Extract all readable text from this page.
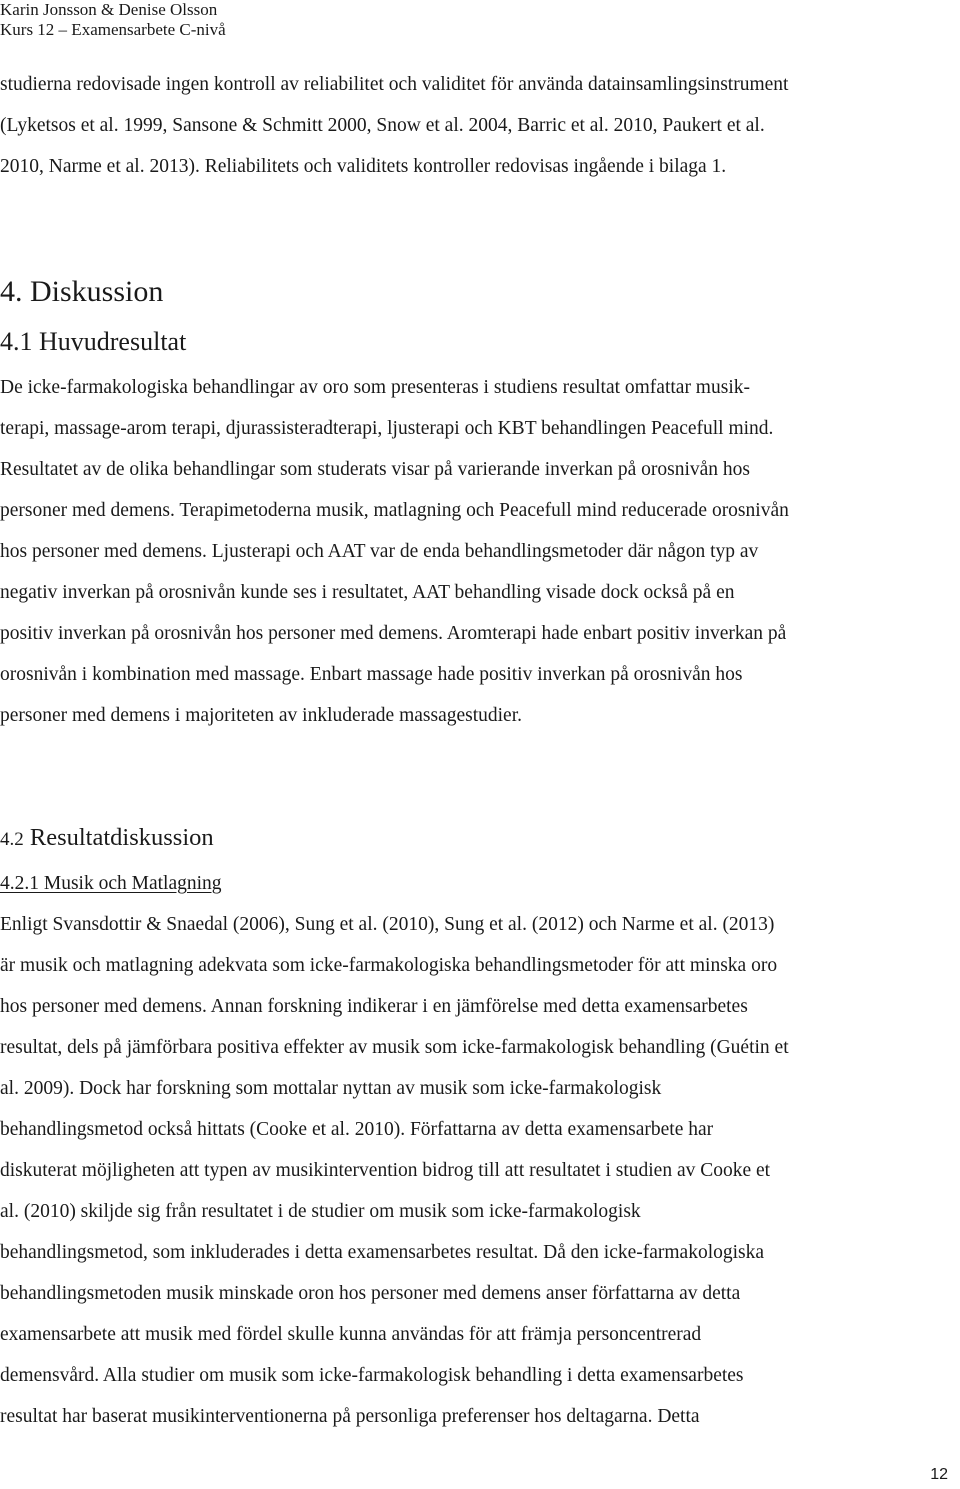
Karin Jonsson & Denise Olsson
Kurs 12 – Examensarbete C-nivå
studierna redovisade ingen kontroll av reliabilitet och validitet för använda datainsamlingsinstrument
(Lyketsos et al. 1999, Sansone & Schmitt 2000, Snow et al. 2004, Barric et al. 2010, Paukert et al.
2010, Narme et al. 2013). Reliabilitets och validitets kontroller redovisas ingående i bilaga 1.
4. Diskussion
4.1 Huvudresultat
De icke-farmakologiska behandlingar av oro som presenteras i studiens resultat omfattar musik-
terapi, massage-arom terapi, djurassisteradterapi, ljusterapi och KBT behandlingen Peacefull mind.
Resultatet av de olika behandlingar som studerats visar på varierande inverkan på orosnivån hos
personer med demens. Terapimetoderna musik, matlagning och Peacefull mind reducerade orosnivån
hos personer med demens. Ljusterapi och AAT var de enda behandlingsmetoder där någon typ av
negativ inverkan på orosnivån kunde ses i resultatet, AAT behandling visade dock också på en
positiv inverkan på orosnivån hos personer med demens. Aromterapi hade enbart positiv inverkan på
orosnivån i kombination med massage. Enbart massage hade positiv inverkan på orosnivån hos
personer med demens i majoriteten av inkluderade massagestudier.
4.2 Resultatdiskussion
4.2.1 Musik och Matlagning
Enligt Svansdottir & Snaedal (2006), Sung et al. (2010), Sung et al. (2012) och Narme et al. (2013)
är musik och matlagning adekvata som icke-farmakologiska behandlingsmetoder för att minska oro
hos personer med demens. Annan forskning indikerar i en jämförelse med detta examensarbetes
resultat, dels på jämförbara positiva effekter av musik som icke-farmakologisk behandling (Guétin et
al. 2009). Dock har forskning som mottalar nyttan av musik som icke-farmakologisk
behandlingsmetod också hittats (Cooke et al. 2010). Författarna av detta examensarbete har
diskuterat möjligheten att typen av musikintervention bidrog till att resultatet i studien av Cooke et
al. (2010) skiljde sig från resultatet i de studier om musik som icke-farmakologisk
behandlingsmetod, som inkluderades i detta examensarbetes resultat. Då den icke-farmakologiska
behandlingsmetoden musik minskade oron hos personer med demens anser författarna av detta
examensarbete att musik med fördel skulle kunna användas för att främja personcentrerad
demensvård. Alla studier om musik som icke-farmakologisk behandling i detta examensarbetes
resultat har baserat musikinterventionerna på personliga preferenser hos deltagarna. Detta
12
